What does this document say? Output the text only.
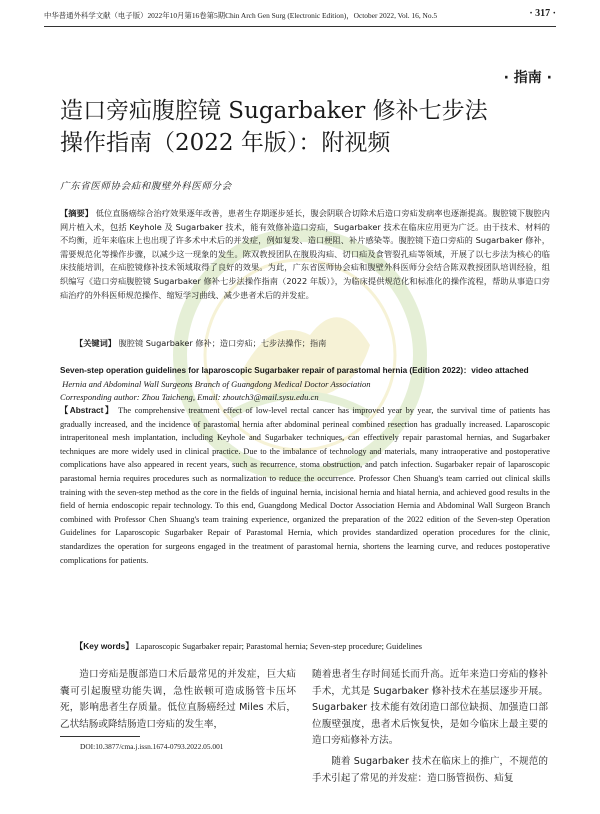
中华普通外科学文献（电子版）2022年10月第16卷第5期Chin Arch Gen Surg (Electronic Edition)，October 2022, Vol. 16, No.5	· 317 ·
· 指南 ·
造口旁疝腹腔镜 Sugarbaker 修补七步法
操作指南（2022 年版）：附视频
广东省医师协会疝和腹壁外科医师分会
【摘要】 低位直肠癌综合治疗效果逐年改善，患者生存期逐步延长，腹会阴联合切除术后造口旁疝发病率也逐渐提高。腹腔镜下腹腔内网片植入术，包括 Keyhole 及 Sugarbaker 技术，能有效修补造口旁疝，Sugarbaker 技术在临床应用更为广泛。由于技术、材料的不均衡，近年来临床上也出现了许多术中术后的并发症，例如复发、造口梗阻、补片感染等。腹腔镜下造口旁疝的 Sugarbaker 修补，需要规范化等操作步骤，以减少这一现象的发生。陈双教授团队在腹股沟疝、切口疝及食管裂孔疝等领域，开展了以七步法为核心的临床技能培训，在疝腔镜修补技术领域取得了良好的效果。为此，广东省医师协会疝和腹壁外科医师分会结合陈双教授团队培训经验，组织编写《造口旁疝腹腔镜 Sugarbaker 修补七步法操作指南（2022 年版）》，为临床提供规范化和标准化的操作流程，帮助从事造口旁疝治疗的外科医师规范操作、缩短学习曲线、减少患者术后的并发症。
【关键词】 腹腔镜 Sugarbaker 修补；造口旁疝；七步法操作；指南
Seven-step operation guidelines for laparoscopic Sugarbaker repair of parastomal hernia (Edition 2022)：video attached  Hernia and Abdominal Wall Surgeons Branch of Guangdong Medical Doctor Association
Corresponding author: Zhou Taicheng, Email: zhoutch3@mail.sysu.edu.cn
【Abstract】 The comprehensive treatment effect of low-level rectal cancer has improved year by year, the survival time of patients has gradually increased, and the incidence of parastomal hernia after abdominal perineal combined resection has gradually increased. Laparoscopic intraperitoneal mesh implantation, including Keyhole and Sugarbaker techniques, can effectively repair parastomal hernias, and Sugarbaker techniques are more widely used in clinical practice. Due to the imbalance of technology and materials, many intraoperative and postoperative complications have also appeared in recent years, such as recurrence, stoma obstruction, and patch infection. Sugarbaker repair of laparoscopic parastomal hernia requires procedures such as normalization to reduce the occurrence. Professor Chen Shuang's team carried out clinical skills training with the seven-step method as the core in the fields of inguinal hernia, incisional hernia and hiatal hernia, and achieved good results in the field of hernia endoscopic repair technology. To this end, Guangdong Medical Doctor Association Hernia and Abdominal Wall Surgeon Branch combined with Professor Chen Shuang's team training experience, organized the preparation of the 2022 edition of the Seven-step Operation Guidelines for Laparoscopic Sugarbaker Repair of Parastomal Hernia, which provides standardized operation procedures for the clinic, standardizes the operation for surgeons engaged in the treatment of parastomal hernia, shortens the learning curve, and reduces postoperative complications for patients.
【Key words】 Laparoscopic Sugarbaker repair; Parastomal hernia; Seven-step procedure; Guidelines

造口旁疝是腹部造口术后最常见的并发症，巨大疝囊可引起腹壁功能失调，急性嵌顿可造成肠管卡压坏死，影响患者生存质量。低位直肠癌经过 Miles 术后，乙状结肠或降结肠造口旁疝的发生率，

随着患者生存时间延长而升高。近年来造口旁疝的修补手术，尤其是 Sugarbaker 修补技术在基层逐步开展。Sugarbaker 技术能有效闭造口部位缺损、加强造口部位腹壁强度，患者术后恢复快，是如今临床上最主要的造口旁疝修补方法。

随着 Sugarbaker 技术在临床上的推广，不规范的手术引起了常见的并发症：造口肠管损伤、疝复

DOI:10.3877/cma.j.issn.1674-0793.2022.05.001
